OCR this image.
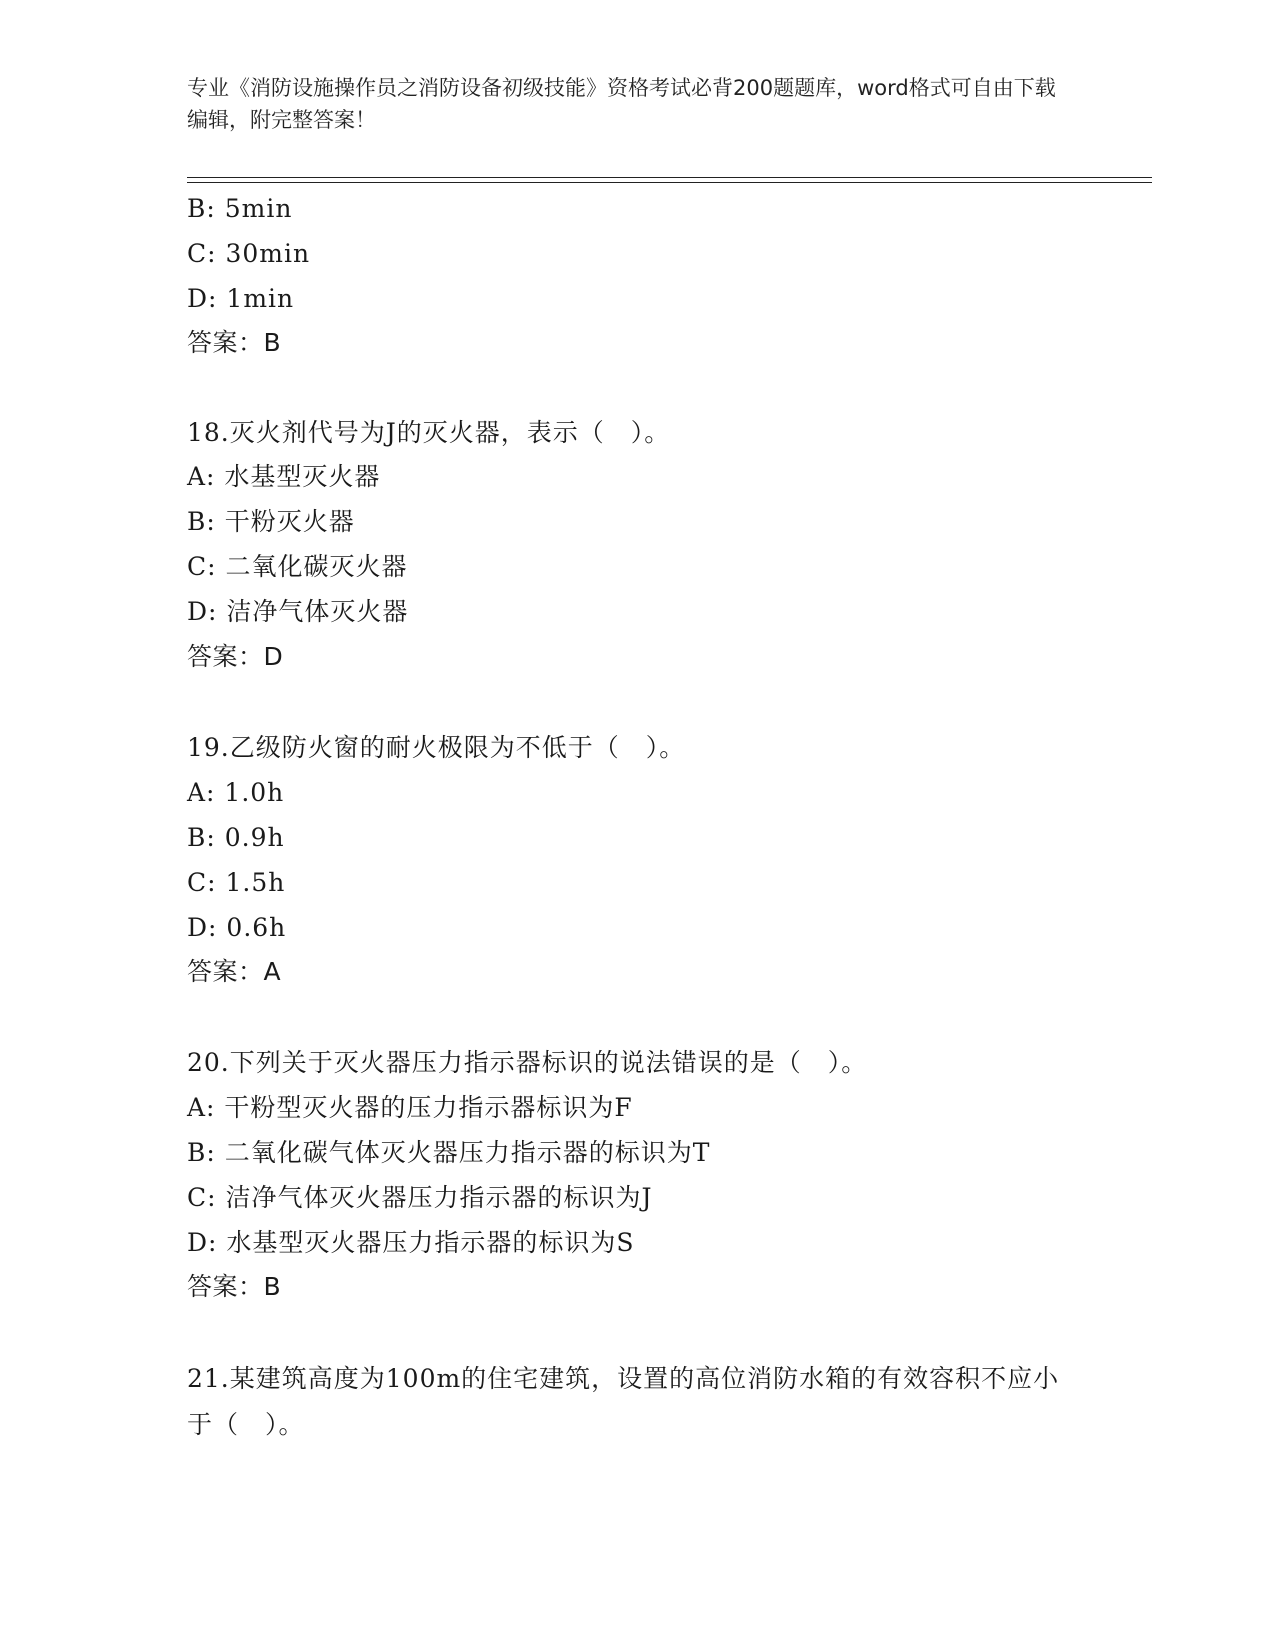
专业《消防设施操作员之消防设备初级技能》资格考试必背200题题库，word格式可自由下载编辑，附完整答案！
B: 5min
C: 30min
D: 1min
答案：B
18.灭火剂代号为J的灭火器，表示（　）。
A: 水基型灭火器
B: 干粉灭火器
C: 二氧化碳灭火器
D: 洁净气体灭火器
答案：D
19.乙级防火窗的耐火极限为不低于（　）。
A: 1.0h
B: 0.9h
C: 1.5h
D: 0.6h
答案：A
20.下列关于灭火器压力指示器标识的说法错误的是（　）。
A: 干粉型灭火器的压力指示器标识为F
B: 二氧化碳气体灭火器压力指示器的标识为T
C: 洁净气体灭火器压力指示器的标识为J
D: 水基型灭火器压力指示器的标识为S
答案：B
21.某建筑高度为100m的住宅建筑，设置的高位消防水箱的有效容积不应小于（　）。
